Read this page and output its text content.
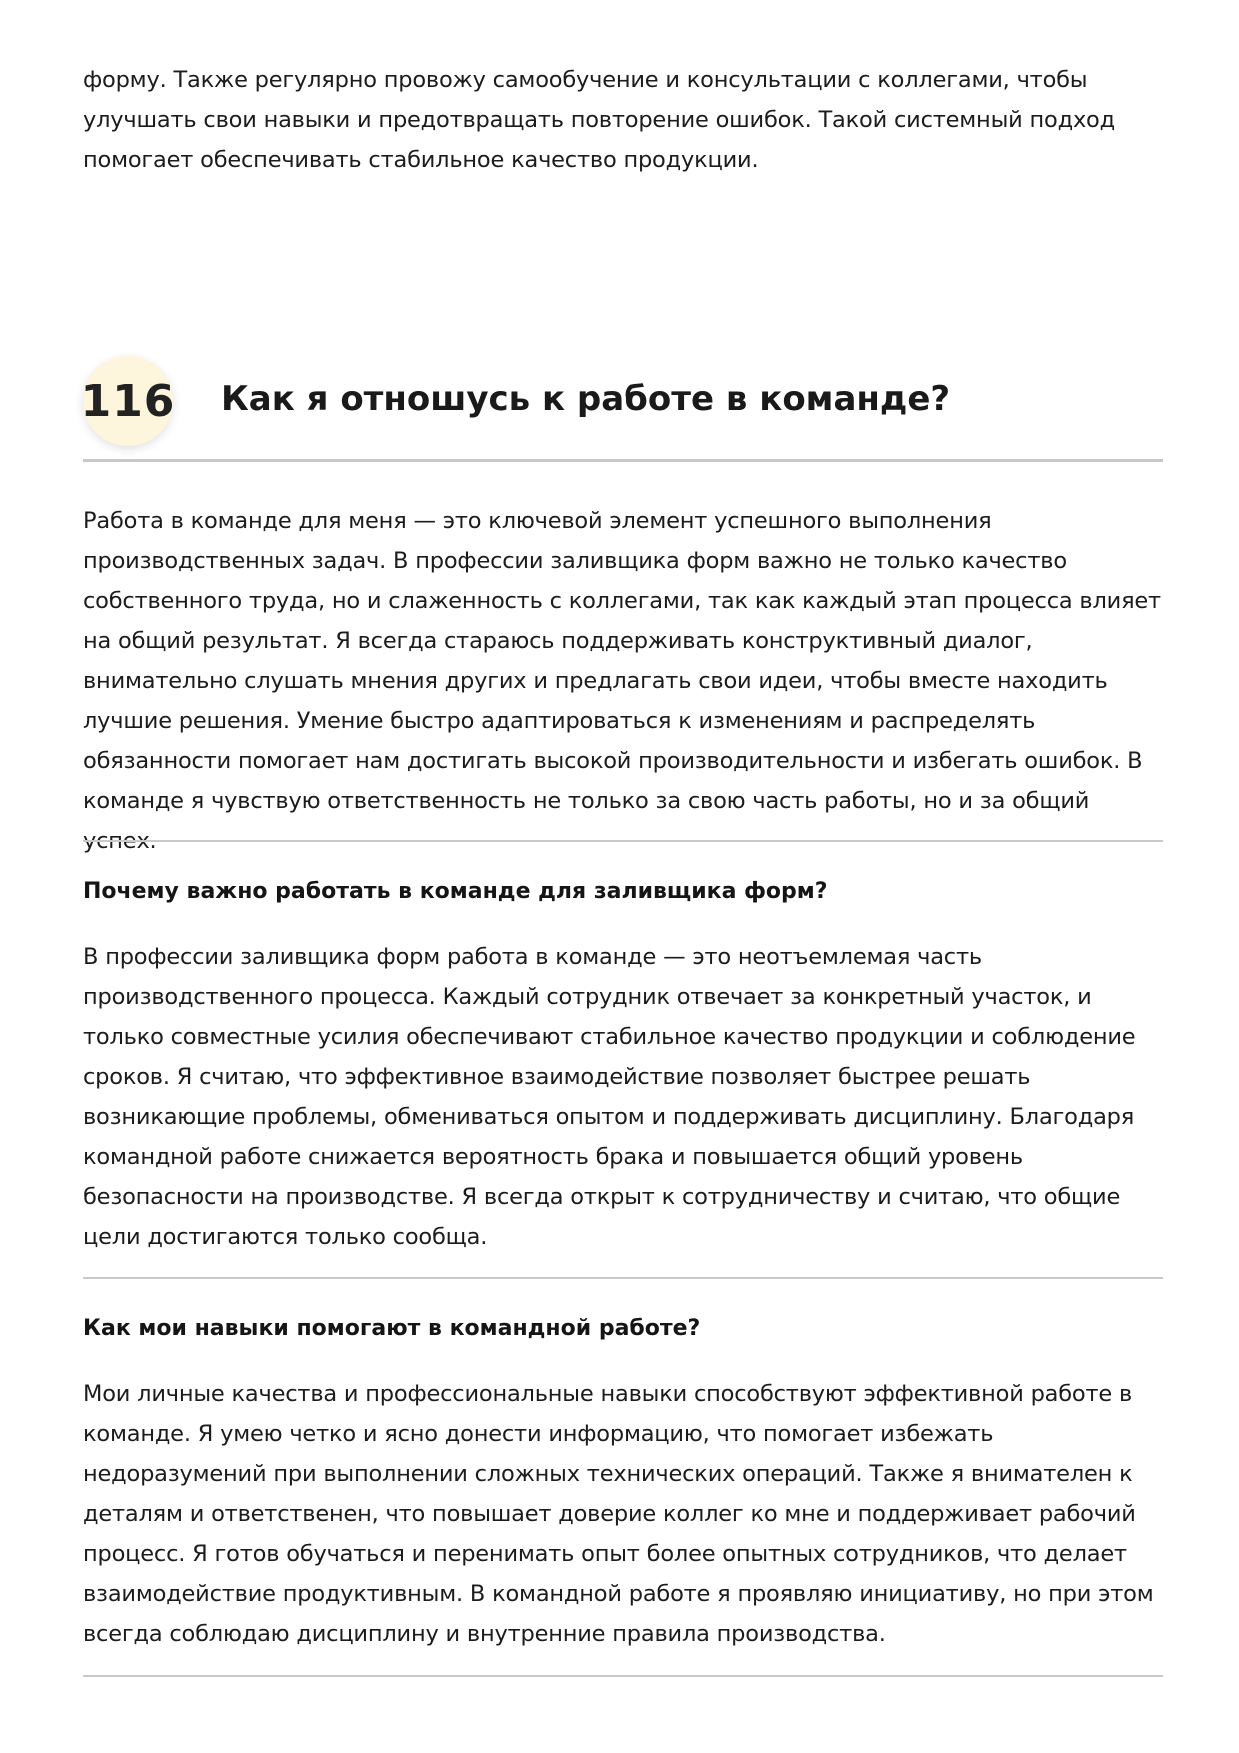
форму. Также регулярно провожу самообучение и консультации с коллегами, чтобы улучшать свои навыки и предотвращать повторение ошибок. Такой системный подход помогает обеспечивать стабильное качество продукции.

116 Как я отношусь к работе в команде?

Работа в команде для меня — это ключевой элемент успешного выполнения производственных задач. В профессии заливщика форм важно не только качество собственного труда, но и слаженность с коллегами, так как каждый этап процесса влияет на общий результат. Я всегда стараюсь поддерживать конструктивный диалог, внимательно слушать мнения других и предлагать свои идеи, чтобы вместе находить лучшие решения. Умение быстро адаптироваться к изменениям и распределять обязанности помогает нам достигать высокой производительности и избегать ошибок. В команде я чувствую ответственность не только за свою часть работы, но и за общий успех.

Почему важно работать в команде для заливщика форм?

В профессии заливщика форм работа в команде — это неотъемлемая часть производственного процесса. Каждый сотрудник отвечает за конкретный участок, и только совместные усилия обеспечивают стабильное качество продукции и соблюдение сроков. Я считаю, что эффективное взаимодействие позволяет быстрее решать возникающие проблемы, обмениваться опытом и поддерживать дисциплину. Благодаря командной работе снижается вероятность брака и повышается общий уровень безопасности на производстве. Я всегда открыт к сотрудничеству и считаю, что общие цели достигаются только сообща.

Как мои навыки помогают в командной работе?

Мои личные качества и профессиональные навыки способствуют эффективной работе в команде. Я умею четко и ясно донести информацию, что помогает избежать недоразумений при выполнении сложных технических операций. Также я внимателен к деталям и ответственен, что повышает доверие коллег ко мне и поддерживает рабочий процесс. Я готов обучаться и перенимать опыт более опытных сотрудников, что делает взаимодействие продуктивным. В командной работе я проявляю инициативу, но при этом всегда соблюдаю дисциплину и внутренние правила производства.
